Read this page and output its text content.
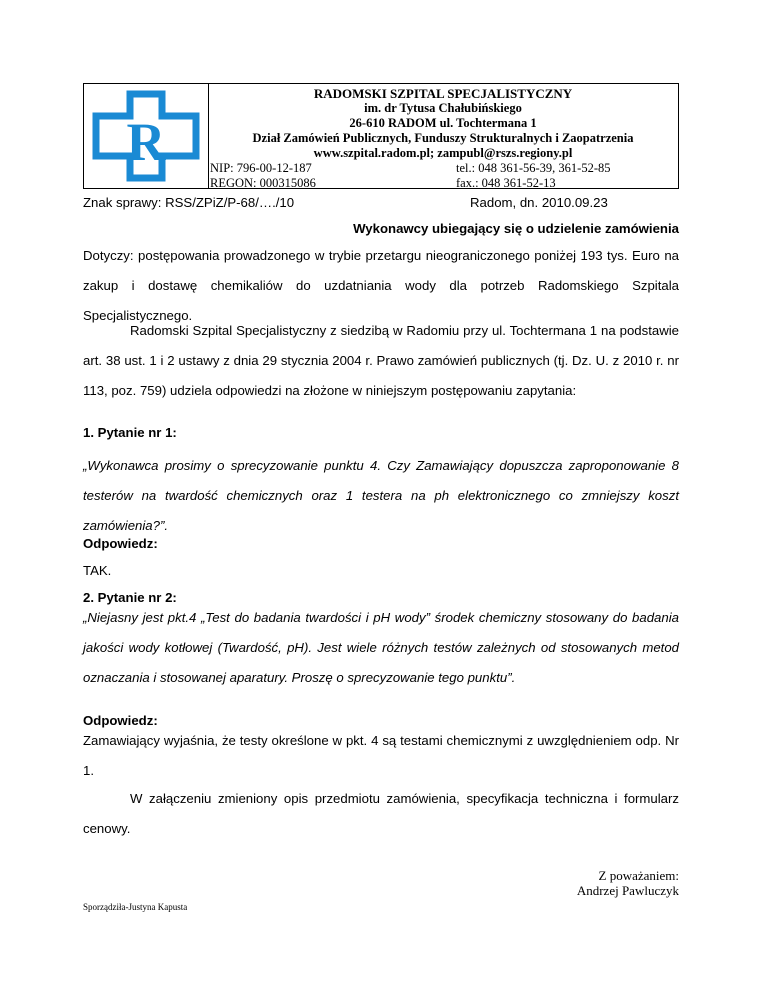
R
RADOMSKI SZPITAL SPECJALISTYCZNY
im. dr Tytusa Chałubińskiego
26-610 RADOM ul. Tochtermana 1
Dział Zamówień Publicznych, Funduszy Strukturalnych i Zaopatrzenia
www.szpital.radom.pl; zampubl@rszs.regiony.pl
NIP: 796-00-12-187	tel.: 048 361-56-39, 361-52-85
REGON: 000315086	fax.: 048 361-52-13
Znak sprawy: RSS/ZPiZ/P-68/…./10	Radom, dn. 2010.09.23
Wykonawcy ubiegający się o udzielenie zamówienia
Dotyczy: postępowania prowadzonego w trybie przetargu nieograniczonego poniżej 193 tys. Euro na zakup i dostawę chemikaliów do uzdatniania wody dla potrzeb Radomskiego Szpitala Specjalistycznego.
Radomski Szpital Specjalistyczny z siedzibą w Radomiu przy ul. Tochtermana 1 na podstawie art. 38 ust. 1 i 2 ustawy z dnia 29 stycznia 2004 r. Prawo zamówień publicznych (tj. Dz. U. z 2010 r. nr 113, poz. 759) udziela odpowiedzi na złożone w niniejszym postępowaniu zapytania:
1. Pytanie nr 1:
„Wykonawca prosimy o sprecyzowanie punktu 4. Czy Zamawiający dopuszcza zaproponowanie 8 testerów na twardość chemicznych oraz 1 testera na ph elektronicznego co zmniejszy koszt zamówienia?”.
Odpowiedz:
TAK.
2. Pytanie nr 2:
„Niejasny jest pkt.4 „Test do badania twardości i pH wody” środek chemiczny stosowany do badania jakości wody kotłowej (Twardość, pH). Jest wiele różnych testów zależnych od stosowanych metod oznaczania i stosowanej aparatury. Proszę o sprecyzowanie tego punktu”.
Odpowiedz:
Zamawiający wyjaśnia, że testy określone w pkt. 4 są testami chemicznymi z uwzględnieniem odp. Nr 1.
W załączeniu zmieniony opis przedmiotu zamówienia, specyfikacja techniczna i formularz cenowy.
Z poważaniem:
Andrzej Pawluczyk
Sporządziła-Justyna Kapusta
